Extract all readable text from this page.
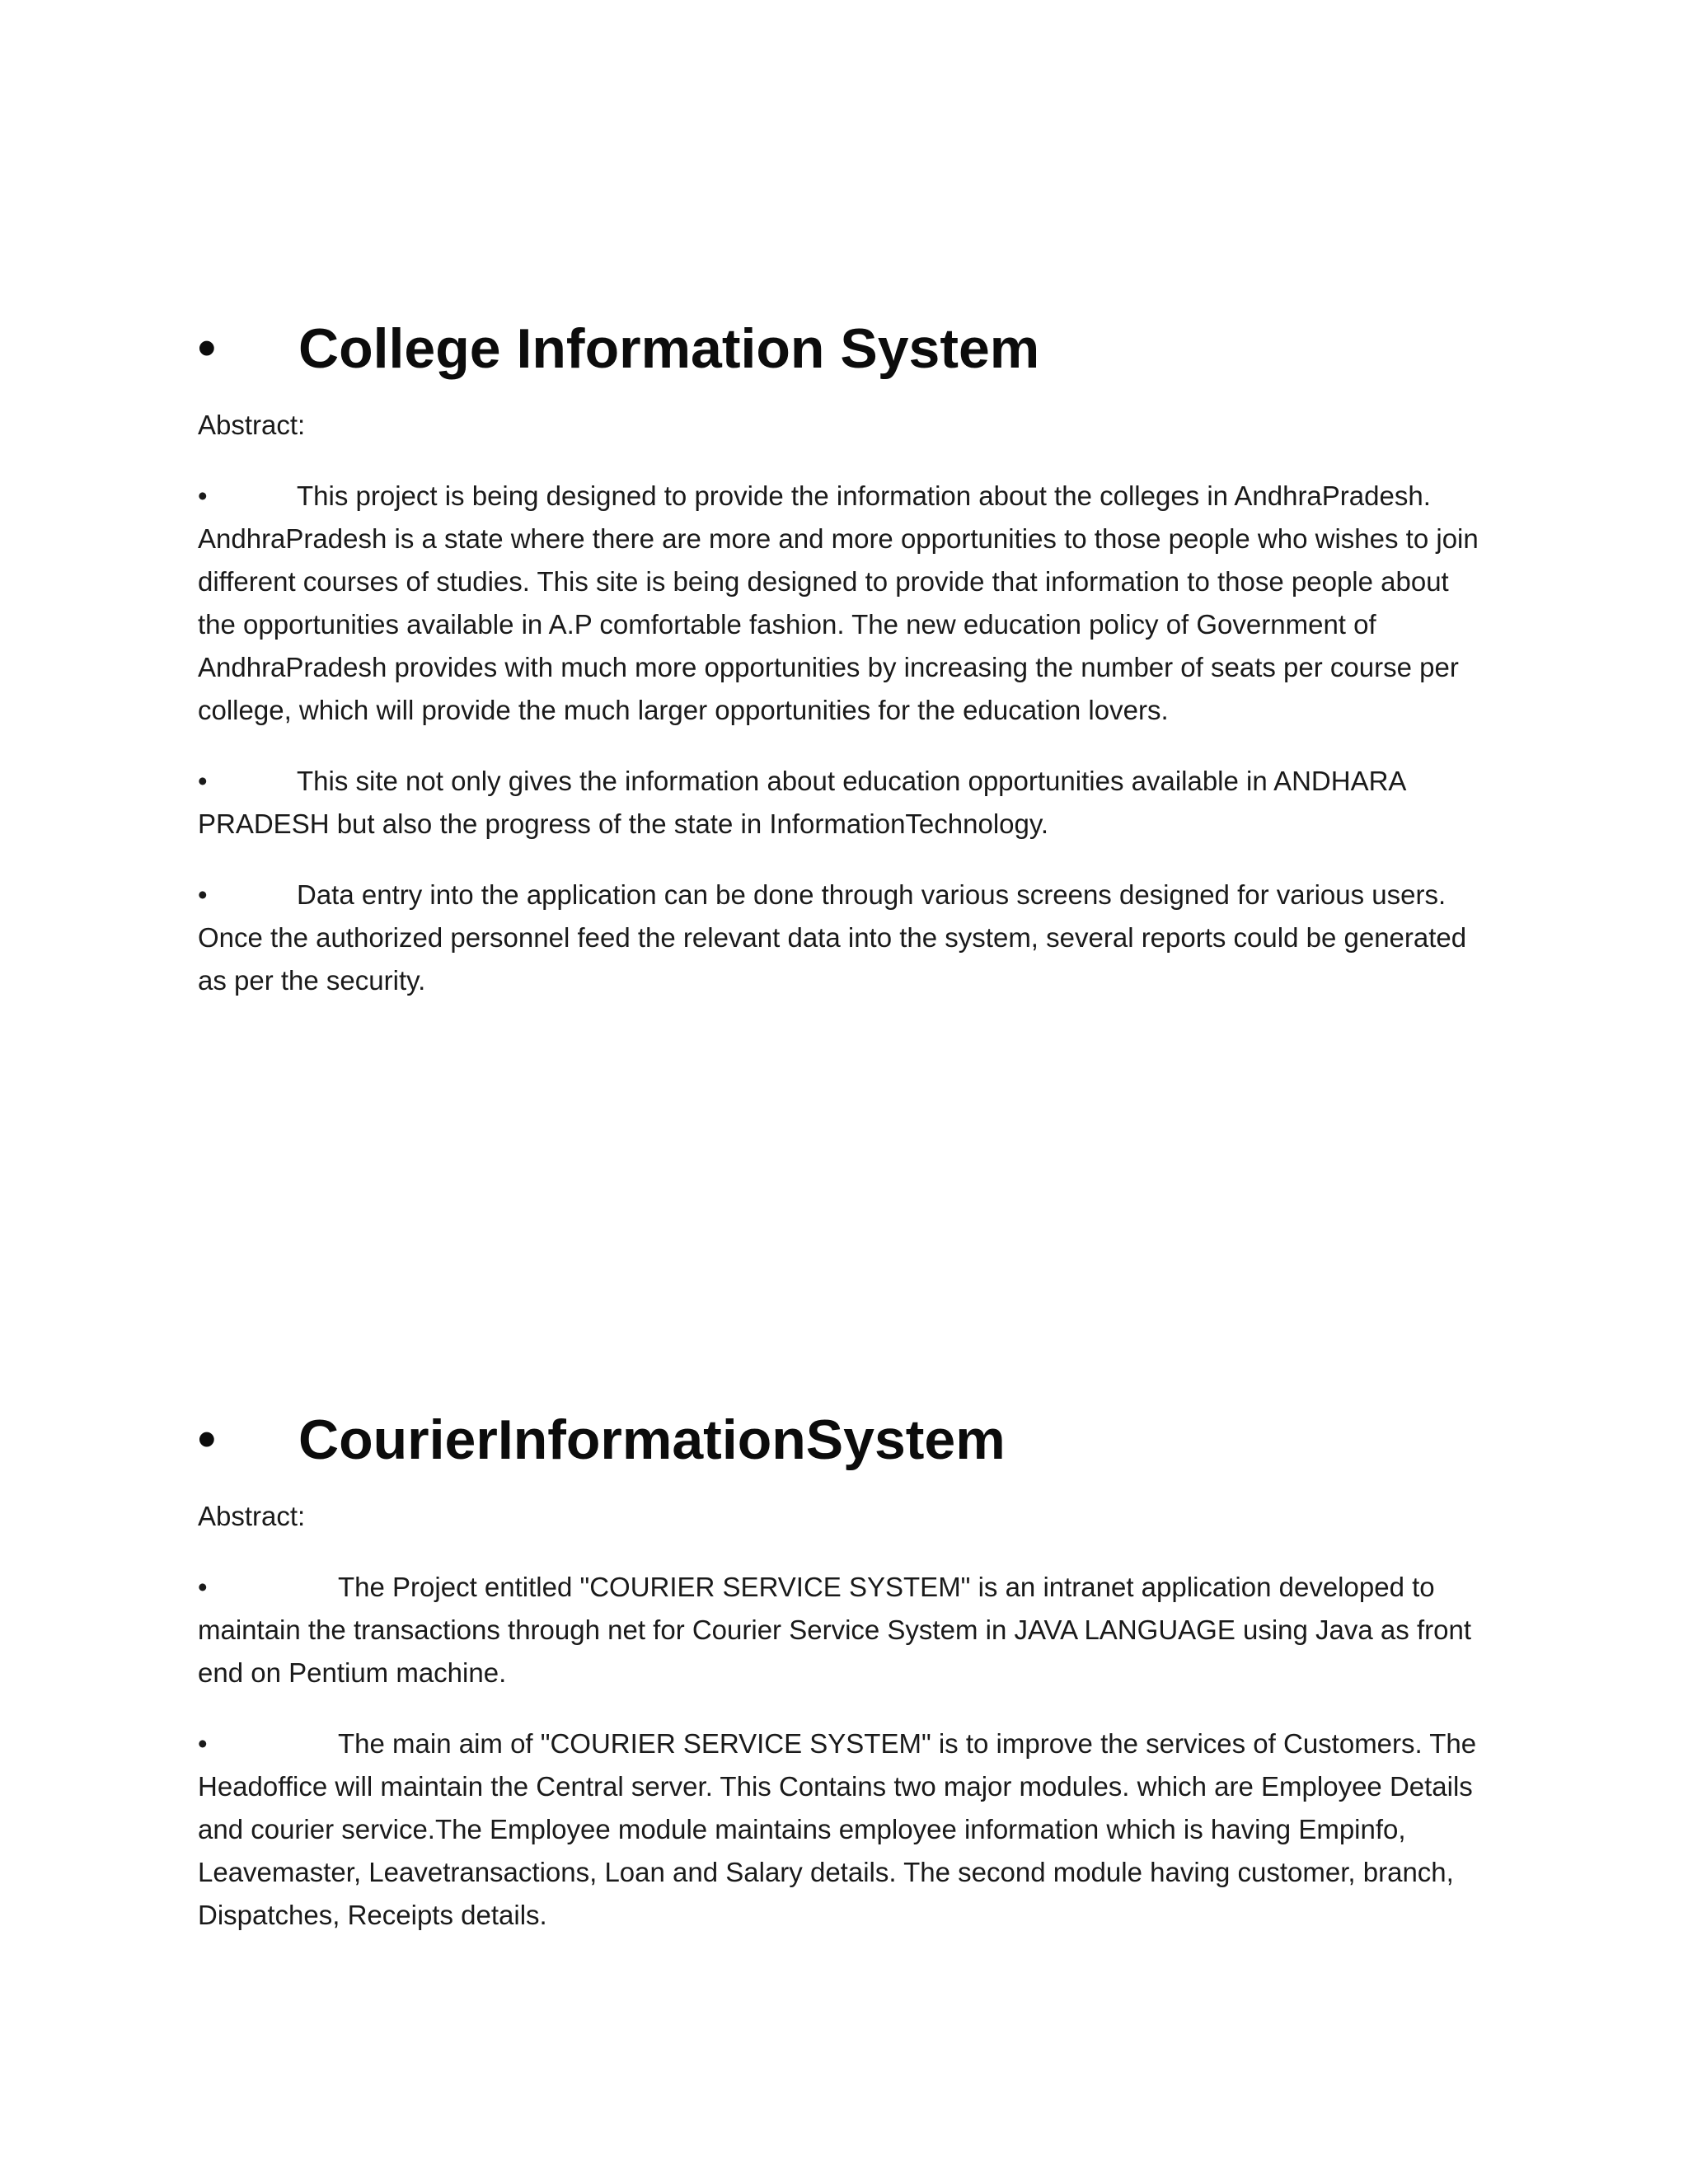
• College Information System
Abstract:
•	This project is being designed to provide the information about the colleges in AndhraPradesh. AndhraPradesh is a state where there are more and more opportunities to those people who wishes to join different courses of studies. This site is being designed to provide that information to those people about the opportunities available in A.P comfortable fashion. The new education policy of Government of AndhraPradesh provides with much more opportunities by increasing the number of seats per course per college, which will provide the much larger opportunities for the education lovers.
•	This site not only gives the information about education opportunities available in ANDHARA PRADESH but also the progress of the state in InformationTechnology.
•	Data entry into the application can be done through various screens designed for various users. Once the authorized personnel feed the relevant data into the system, several reports could be generated as per the security.
• CourierInformationSystem
Abstract:
•	The Project entitled "COURIER SERVICE SYSTEM" is an intranet application developed to maintain the transactions through net for Courier Service System in JAVA LANGUAGE using Java as front end on Pentium machine.
•	The main aim of "COURIER SERVICE SYSTEM" is to improve the services of Customers. The Headoffice will maintain the Central server. This Contains two major modules. which are Employee Details and courier service.The Employee module maintains employee information which is having Empinfo, Leavemaster, Leavetransactions, Loan and Salary details. The second module having customer, branch, Dispatches, Receipts details.
